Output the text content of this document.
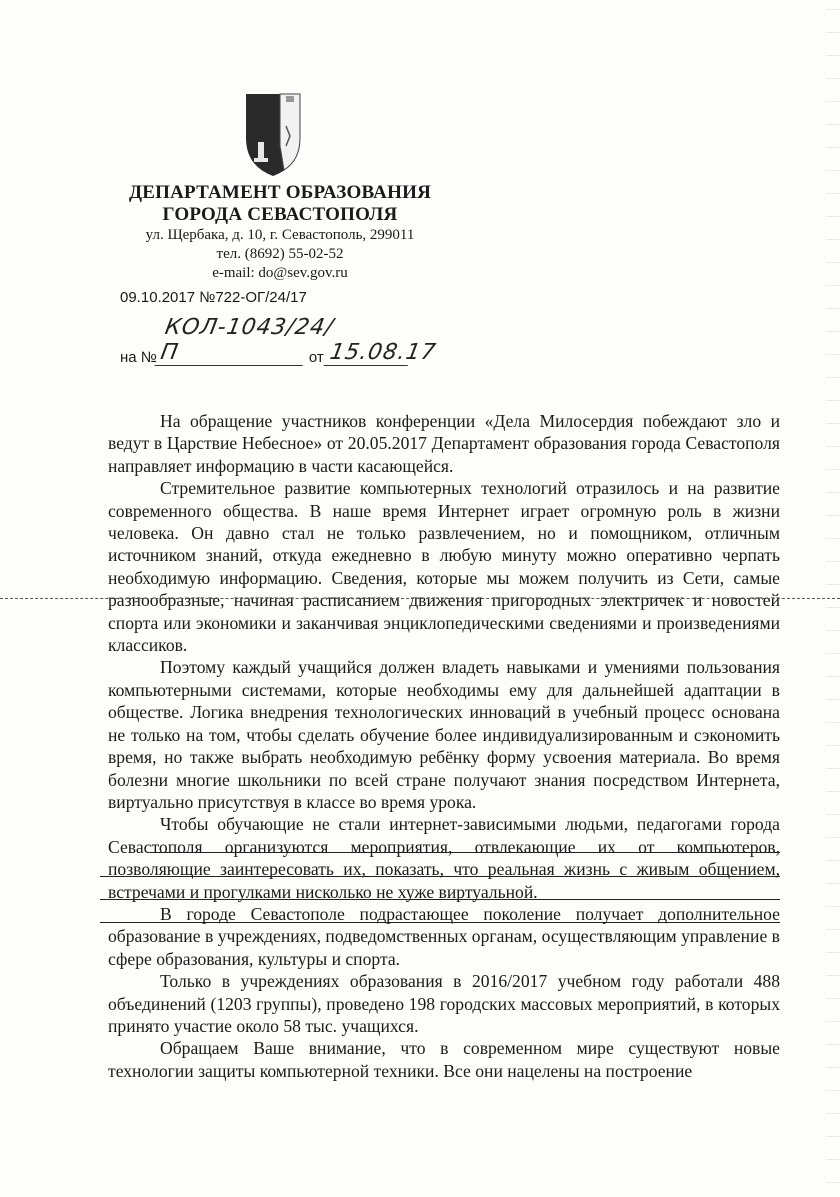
ДЕПАРТАМЕНТ ОБРАЗОВАНИЯ
ГОРОДА СЕВАСТОПОЛЯ
ул. Щербака, д. 10, г. Севастополь, 299011
тел. (8692) 55-02-52
e-mail: do@sev.gov.ru
09.10.2017 №722-ОГ/24/17
на №
КОЛ-1043/24/П	от 15.08.17

На обращение участников конференции «Дела Милосердия побеждают зло и ведут в Царствие Небесное» от 20.05.2017 Департамент образования города Севастополя направляет информацию в части касающейся.

Стремительное развитие компьютерных технологий отразилось и на развитие современного общества. В наше время Интернет играет огромную роль в жизни человека. Он давно стал не только развлечением, но и помощником, отличным источником знаний, откуда ежедневно в любую минуту можно оперативно черпать необходимую информацию. Сведения, которые мы можем получить из Сети, самые разнообразные, начиная расписанием движения пригородных электричек и новостей спорта или экономики и заканчивая энциклопедическими сведениями и произведениями классиков.

Поэтому каждый учащийся должен владеть навыками и умениями пользования компьютерными системами, которые необходимы ему для дальнейшей адаптации в обществе. Логика внедрения технологических инноваций в учебный процесс основана не только на том, чтобы сделать обучение более индивидуализированным и сэкономить время, но также выбрать необходимую ребёнку форму усвоения материала. Во время болезни многие школьники по всей стране получают знания посредством Интернета, виртуально присутствуя в классе во время урока.

Чтобы обучающие не стали интернет-зависимыми людьми, педагогами города Севастополя организуются мероприятия, отвлекающие их от компьютеров, позволяющие заинтересовать их, показать, что реальная жизнь с живым общением, встречами и прогулками нисколько не хуже виртуальной.

В городе Севастополе подрастающее поколение получает дополнительное образование в учреждениях, подведомственных органам, осуществляющим управление в сфере образования, культуры и спорта.

Только в учреждениях образования в 2016/2017 учебном году работали 488 объединений (1203 группы), проведено 198 городских массовых мероприятий, в которых принято участие около 58 тыс. учащихся.

Обращаем Ваше внимание, что в современном мире существуют новые технологии защиты компьютерной техники. Все они нацелены на построение
